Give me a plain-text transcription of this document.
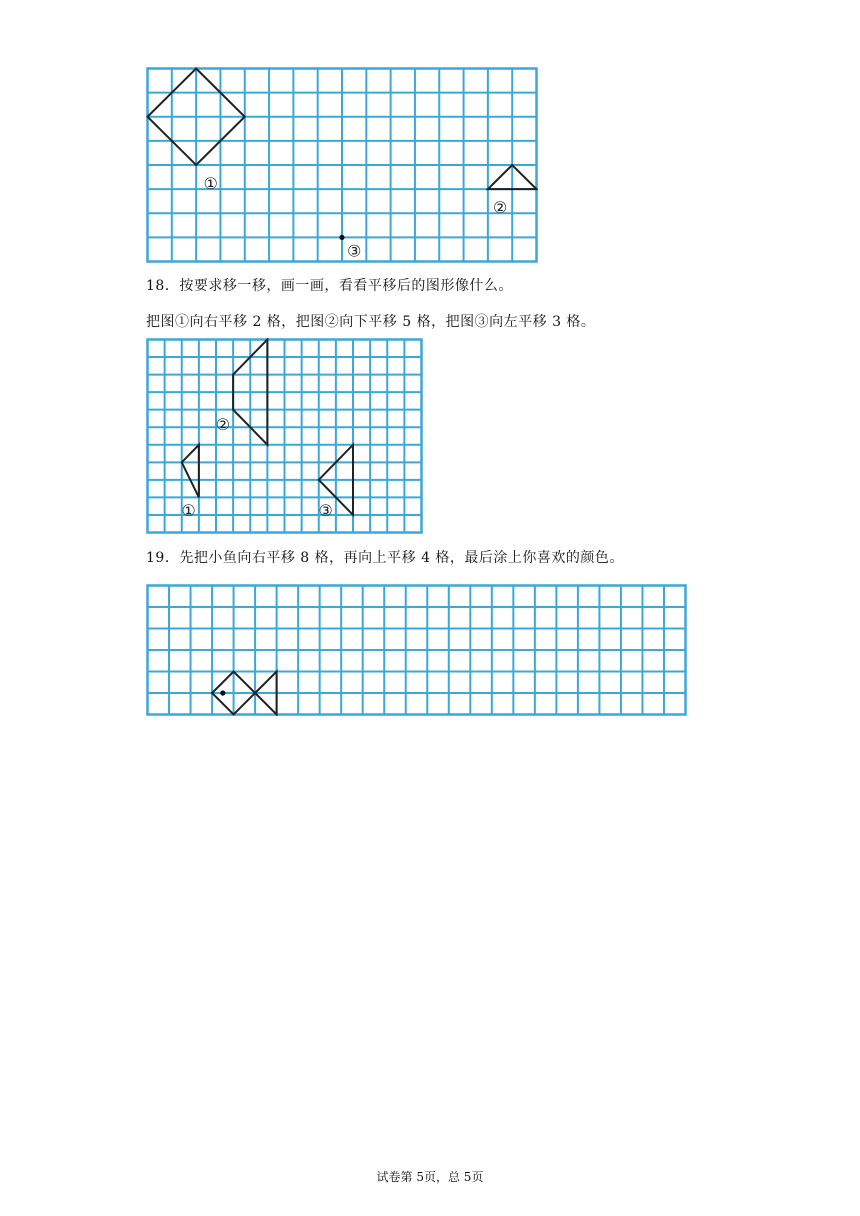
①
②
③
18．按要求移一移，画一画，看看平移后的图形像什么。
把图①向右平移 2 格，把图②向下平移 5 格，把图③向左平移 3 格。
①
②
③
19．先把小鱼向右平移 8 格，再向上平移 4 格，最后涂上你喜欢的颜色。
试卷第 5页，总 5页
